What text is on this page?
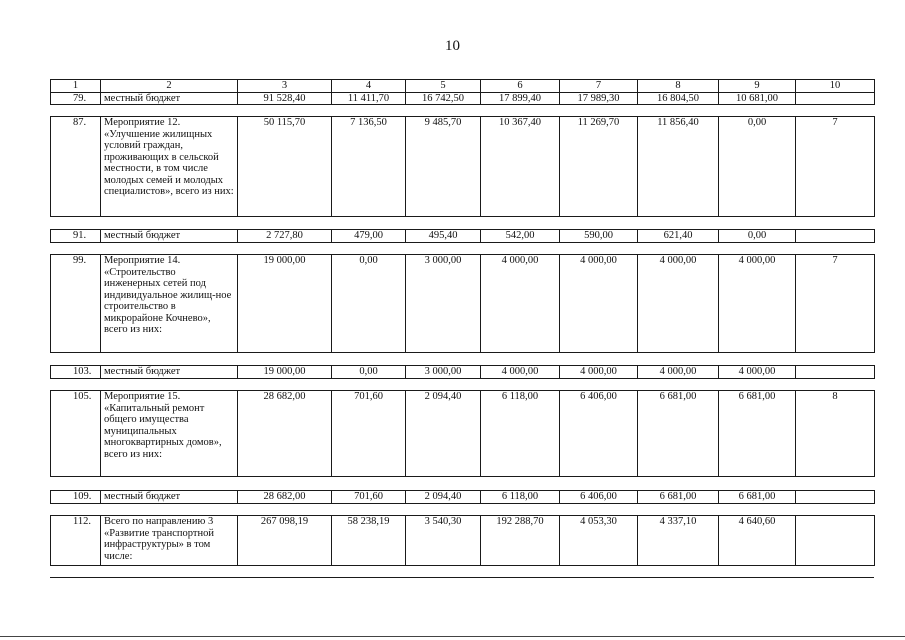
10
1	2	3	4	5	6	7	8	9	10
79.	местный бюджет	91 528,40	11 411,70	16 742,50	17 899,40	17 989,30	16 804,50	10 681,00	
87.	Мероприятие 12. «Улучшение жилищных условий граждан, проживающих в сельской местности, в том числе молодых семей и молодых специалистов», всего из них:	50 115,70	7 136,50	9 485,70	10 367,40	11 269,70	11 856,40	0,00	7
91.	местный бюджет	2 727,80	479,00	495,40	542,00	590,00	621,40	0,00	
99.	Мероприятие 14. «Строительство инженерных сетей под индивидуальное жилищ-ное строительство в микрорайоне Кочнево», всего из них:	19 000,00	0,00	3 000,00	4 000,00	4 000,00	4 000,00	4 000,00	7
103.	местный бюджет	19 000,00	0,00	3 000,00	4 000,00	4 000,00	4 000,00	4 000,00	
105.	Мероприятие 15. «Капитальный ремонт общего имущества муниципальных многоквартирных домов», всего из них:	28 682,00	701,60	2 094,40	6 118,00	6 406,00	6 681,00	6 681,00	8
109.	местный бюджет	28 682,00	701,60	2 094,40	6 118,00	6 406,00	6 681,00	6 681,00	
112.	Всего по направлению 3 «Развитие транспортной инфраструктуры» в том числе:	267 098,19	58 238,19	3 540,30	192 288,70	4 053,30	4 337,10	4 640,60	
